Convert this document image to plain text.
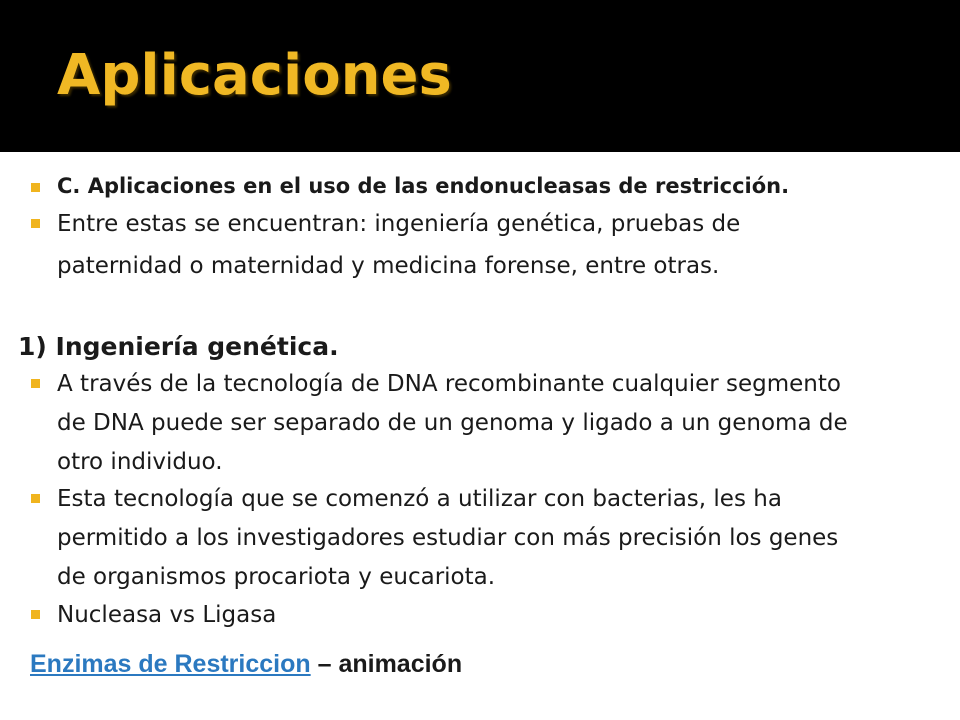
Aplicaciones
C. Aplicaciones en el uso de las endonucleasas de restricción.
Entre estas se encuentran: ingeniería genética, pruebas de
paternidad o maternidad y medicina forense, entre otras.
1) Ingeniería genética.
A través de la tecnología de DNA recombinante cualquier segmento
de DNA puede ser separado de un genoma y ligado a un genoma de
otro individuo.
Esta tecnología que se comenzó a utilizar con bacterias, les ha
permitido a los investigadores estudiar con más precisión los genes
de organismos procariota y eucariota.
Nucleasa vs Ligasa
Enzimas de Restriccion – animación
